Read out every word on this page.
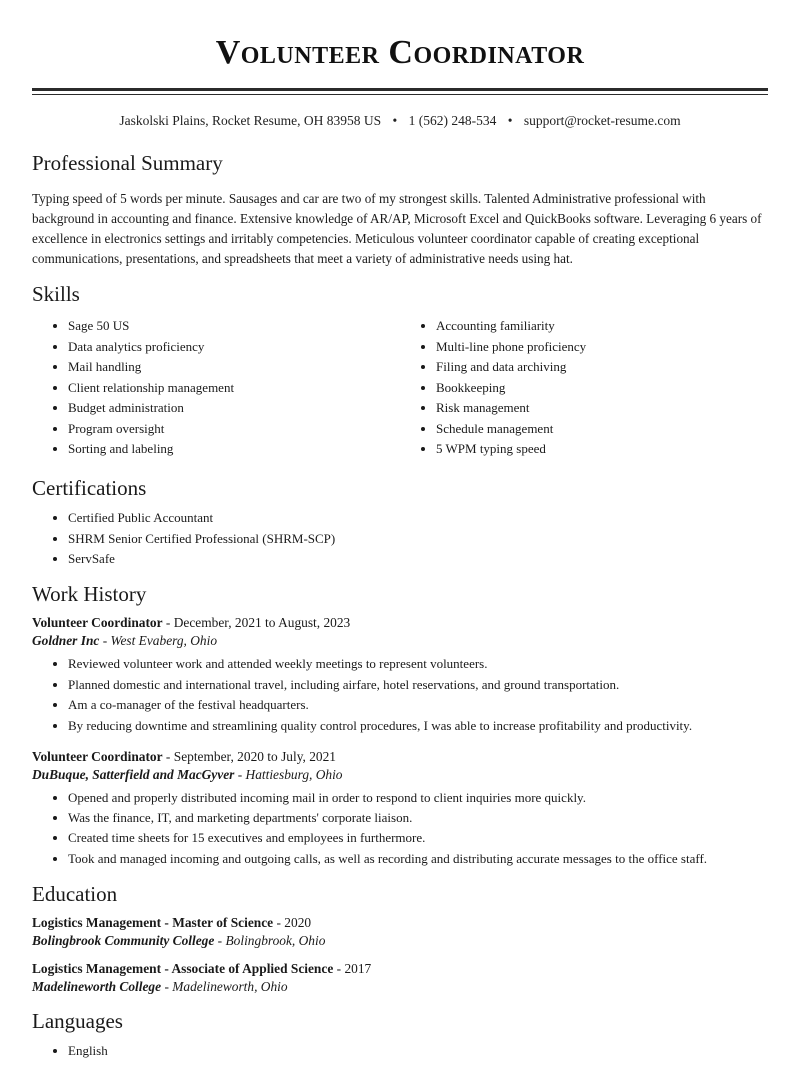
Volunteer Coordinator
Jaskolski Plains, Rocket Resume, OH 83958 US • 1 (562) 248-534 • support@rocket-resume.com
Professional Summary

Typing speed of 5 words per minute. Sausages and car are two of my strongest skills. Talented Administrative professional with background in accounting and finance. Extensive knowledge of AR/AP, Microsoft Excel and QuickBooks software. Leveraging 6 years of excellence in electronics settings and irritably competencies. Meticulous volunteer coordinator capable of creating exceptional communications, presentations, and spreadsheets that meet a variety of administrative needs using hat.

Skills
• Sage 50 US
• Data analytics proficiency
• Mail handling
• Client relationship management
• Budget administration
• Program oversight
• Sorting and labeling
• Accounting familiarity
• Multi-line phone proficiency
• Filing and data archiving
• Bookkeeping
• Risk management
• Schedule management
• 5 WPM typing speed
Certifications
• Certified Public Accountant
• SHRM Senior Certified Professional (SHRM-SCP)
• ServSafe
Work History
Volunteer Coordinator - December, 2021 to August, 2023
Goldner Inc - West Evaberg, Ohio
• Reviewed volunteer work and attended weekly meetings to represent volunteers.
• Planned domestic and international travel, including airfare, hotel reservations, and ground transportation.
• Am a co-manager of the festival headquarters.
• By reducing downtime and streamlining quality control procedures, I was able to increase profitability and productivity.
Volunteer Coordinator - September, 2020 to July, 2021
DuBuque, Satterfield and MacGyver - Hattiesburg, Ohio
• Opened and properly distributed incoming mail in order to respond to client inquiries more quickly.
• Was the finance, IT, and marketing departments' corporate liaison.
• Created time sheets for 15 executives and employees in furthermore.
• Took and managed incoming and outgoing calls, as well as recording and distributing accurate messages to the office staff.
Education
Logistics Management - Master of Science - 2020
Bolingbrook Community College - Bolingbrook, Ohio
Logistics Management - Associate of Applied Science - 2017
Madelineworth College - Madelineworth, Ohio
Languages
• English
